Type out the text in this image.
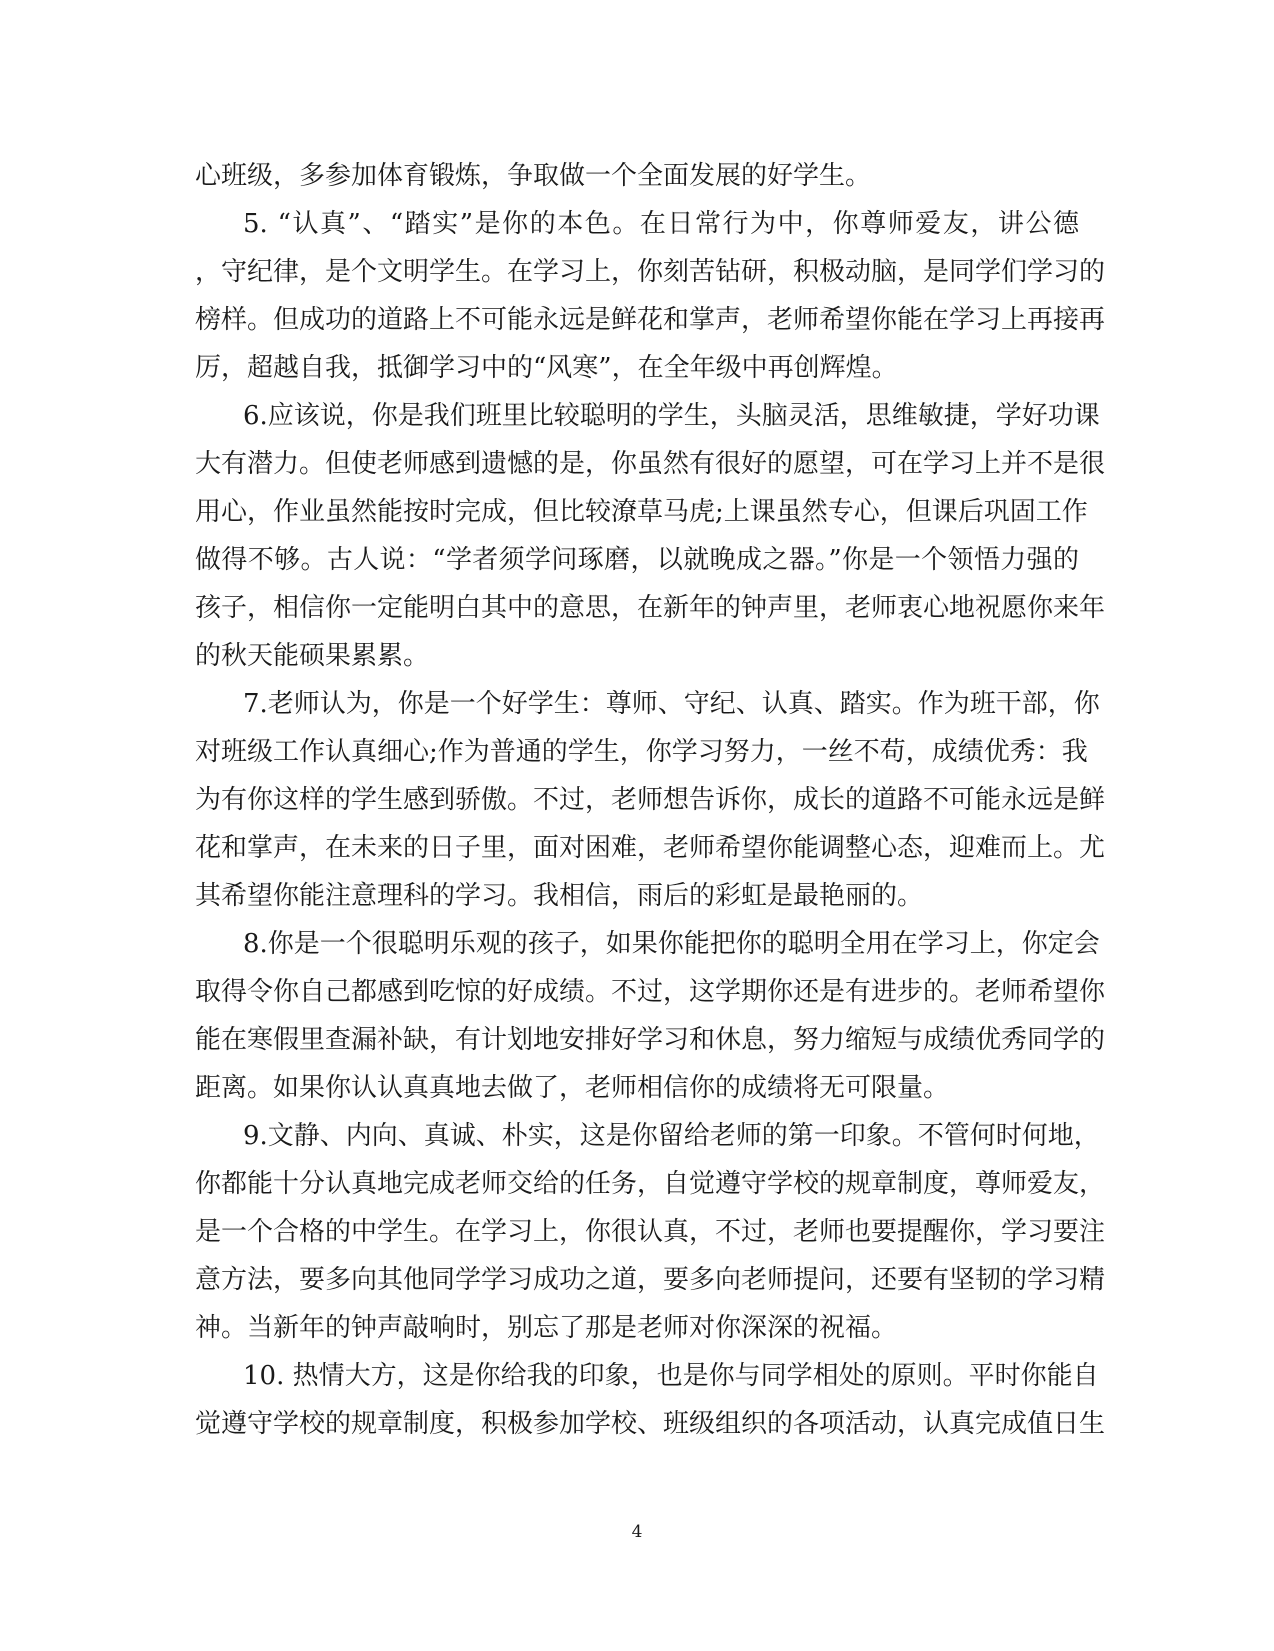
心班级，多参加体育锻炼，争取做一个全面发展的好学生。
5. “认真”、“踏实”是你的本色。在日常行为中，你尊师爱友，讲公德
，守纪律，是个文明学生。在学习上，你刻苦钻研，积极动脑，是同学们学习的
榜样。但成功的道路上不可能永远是鲜花和掌声，老师希望你能在学习上再接再
厉，超越自我，抵御学习中的“风寒”，在全年级中再创辉煌。
6.应该说，你是我们班里比较聪明的学生，头脑灵活，思维敏捷，学好功课
大有潜力。但使老师感到遗憾的是，你虽然有很好的愿望，可在学习上并不是很
用心，作业虽然能按时完成，但比较潦草马虎;上课虽然专心，但课后巩固工作
做得不够。古人说：“学者须学问琢磨，以就晚成之器。”你是一个领悟力强的
孩子，相信你一定能明白其中的意思，在新年的钟声里，老师衷心地祝愿你来年
的秋天能硕果累累。
7.老师认为，你是一个好学生：尊师、守纪、认真、踏实。作为班干部，你
对班级工作认真细心;作为普通的学生，你学习努力，一丝不苟，成绩优秀：我
为有你这样的学生感到骄傲。不过，老师想告诉你，成长的道路不可能永远是鲜
花和掌声，在未来的日子里，面对困难，老师希望你能调整心态，迎难而上。尤
其希望你能注意理科的学习。我相信，雨后的彩虹是最艳丽的。
8.你是一个很聪明乐观的孩子，如果你能把你的聪明全用在学习上，你定会
取得令你自己都感到吃惊的好成绩。不过，这学期你还是有进步的。老师希望你
能在寒假里查漏补缺，有计划地安排好学习和休息，努力缩短与成绩优秀同学的
距离。如果你认认真真地去做了，老师相信你的成绩将无可限量。
9.文静、内向、真诚、朴实，这是你留给老师的第一印象。不管何时何地，
你都能十分认真地完成老师交给的任务，自觉遵守学校的规章制度，尊师爱友，
是一个合格的中学生。在学习上，你很认真，不过，老师也要提醒你，学习要注
意方法，要多向其他同学学习成功之道，要多向老师提问，还要有坚韧的学习精
神。当新年的钟声敲响时，别忘了那是老师对你深深的祝福。
10. 热情大方，这是你给我的印象，也是你与同学相处的原则。平时你能自
觉遵守学校的规章制度，积极参加学校、班级组织的各项活动，认真完成值日生
4
